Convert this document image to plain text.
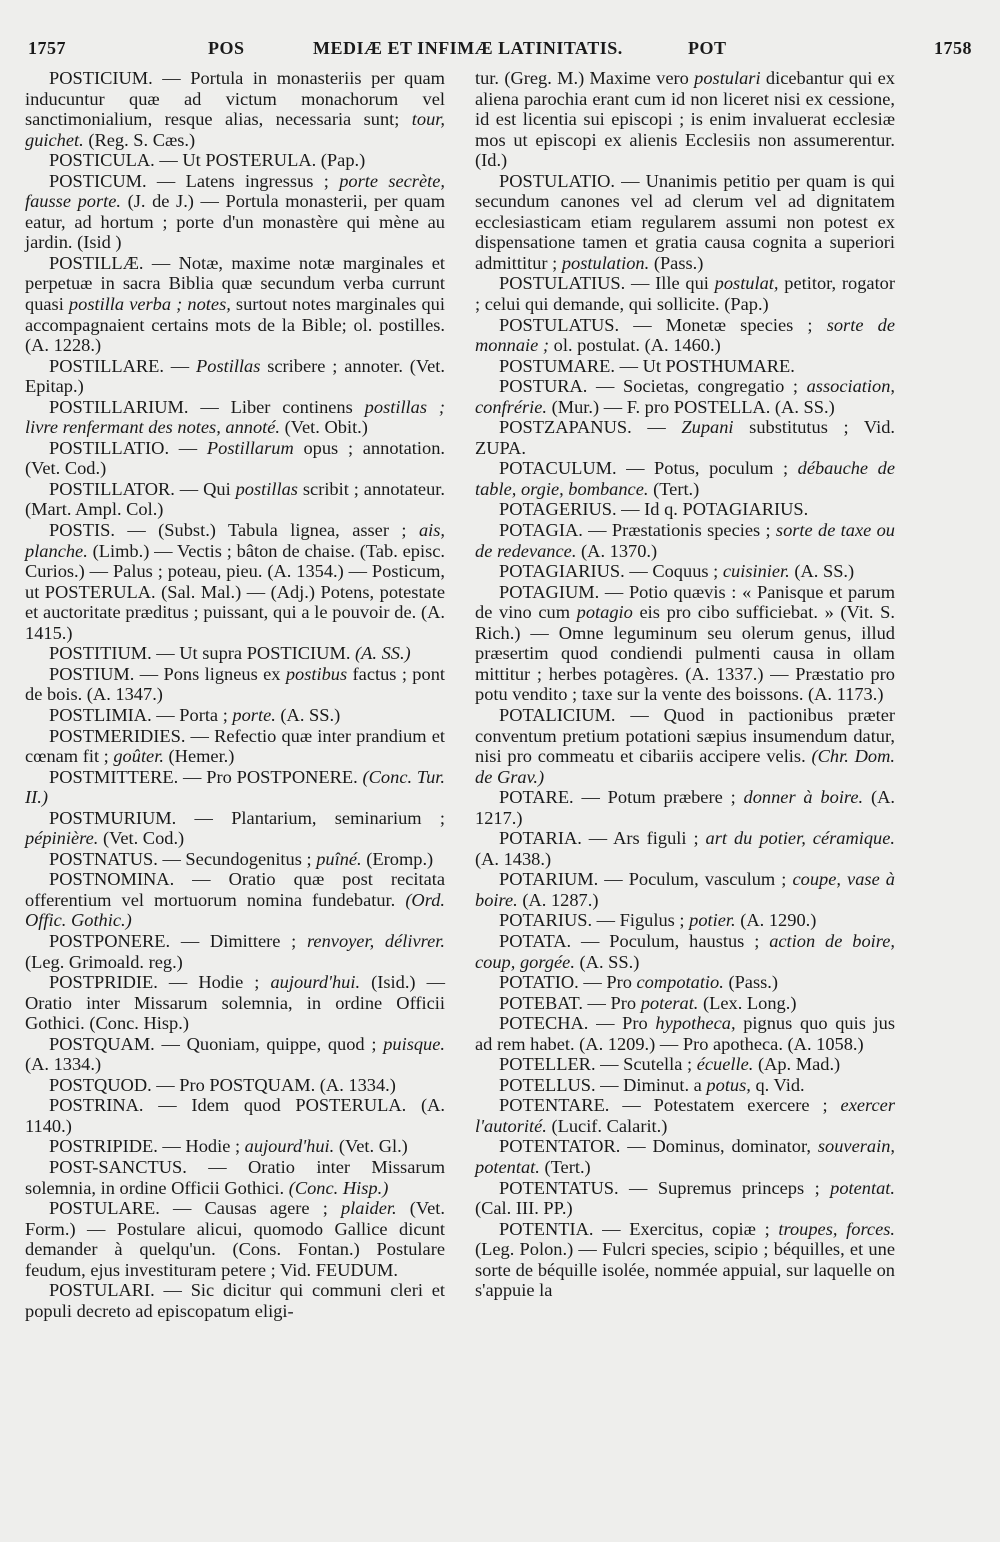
1757	POS	MEDIÆ ET INFIMÆ LATINITATIS.	POT	1758

POSTICIUM. — Portula in monasteriis per quam inducuntur quæ ad victum monachorum vel sanctimonialium, resque alias, necessaria sunt; tour, guichet. (Reg. S. Cæs.)

POSTICULA. — Ut POSTERULA. (Pap.)

POSTICUM. — Latens ingressus ; porte secrète, fausse porte. (J. de J.) — Portula monasterii, per quam eatur, ad hortum ; porte d'un monastère qui mène au jardin. (Isid )

POSTILLÆ. — Notæ, maxime notæ marginales et perpetuæ in sacra Biblia quæ secundum verba currunt quasi postilla verba ; notes, surtout notes marginales qui accompagnaient certains mots de la Bible; ol. postilles. (A. 1228.)

POSTILLARE. — Postillas scribere ; annoter. (Vet. Epitap.)

POSTILLARIUM. — Liber continens postillas ; livre renfermant des notes, annoté. (Vet. Obit.)

POSTILLATIO. — Postillarum opus ; annotation. (Vet. Cod.)

POSTILLATOR. — Qui postillas scribit ; annotateur. (Mart. Ampl. Col.)

POSTIS. — (Subst.) Tabula lignea, asser ; ais, planche. (Limb.) — Vectis ; bâton de chaise. (Tab. episc. Curios.) — Palus ; poteau, pieu. (A. 1354.) — Posticum, ut POSTERULA. (Sal. Mal.) — (Adj.) Potens, potestate et auctoritate præditus ; puissant, qui a le pouvoir de. (A. 1415.)

POSTITIUM. — Ut supra POSTICIUM. (A. SS.)

POSTIUM. — Pons ligneus ex postibus factus ; pont de bois. (A. 1347.)

POSTLIMIA. — Porta ; porte. (A. SS.)

POSTMERIDIES. — Refectio quæ inter prandium et cœnam fit ; goûter. (Hemer.)

POSTMITTERE. — Pro POSTPONERE. (Conc. Tur. II.)

POSTMURIUM. — Plantarium, seminarium ; pépinière. (Vet. Cod.)

POSTNATUS. — Secundogenitus ; puîné. (Eromp.)

POSTNOMINA. — Oratio quæ post recitata offerentium vel mortuorum nomina fundebatur. (Ord. Offic. Gothic.)

POSTPONERE. — Dimittere ; renvoyer, délivrer. (Leg. Grimoald. reg.)

POSTPRIDIE. — Hodie ; aujourd'hui. (Isid.) — Oratio inter Missarum solemnia, in ordine Officii Gothici. (Conc. Hisp.)

POSTQUAM. — Quoniam, quippe, quod ; puisque. (A. 1334.)

POSTQUOD. — Pro POSTQUAM. (A. 1334.)

POSTRINA. — Idem quod POSTERULA. (A. 1140.)

POSTRIPIDE. — Hodie ; aujourd'hui. (Vet. Gl.)

POST-SANCTUS. — Oratio inter Missarum solemnia, in ordine Officii Gothici. (Conc. Hisp.)

POSTULARE. — Causas agere ; plaider. (Vet. Form.) — Postulare alicui, quomodo Gallice dicunt demander à quelqu'un. (Cons. Fontan.) Postulare feudum, ejus investituram petere ; Vid. FEUDUM.

POSTULARI. — Sic dicitur qui communi cleri et populi decreto ad episcopatum eligi-

tur. (Greg. M.) Maxime vero postulari dicebantur qui ex aliena parochia erant cum id non liceret nisi ex cessione, id est licentia sui episcopi ; is enim invaluerat ecclesiæ mos ut episcopi ex alienis Ecclesiis non assumerentur. (Id.)

POSTULATIO. — Unanimis petitio per quam is qui secundum canones vel ad clerum vel ad dignitatem ecclesiasticam etiam regularem assumi non potest ex dispensatione tamen et gratia causa cognita a superiori admittitur ; postulation. (Pass.)

POSTULATIUS. — Ille qui postulat, petitor, rogator ; celui qui demande, qui sollicite. (Pap.)

POSTULATUS. — Monetæ species ; sorte de monnaie ; ol. postulat. (A. 1460.)

POSTUMARE. — Ut POSTHUMARE.

POSTURA. — Societas, congregatio ; association, confrérie. (Mur.) — F. pro POSTELLA. (A. SS.)

POSTZAPANUS. — Zupani substitutus ; Vid. ZUPA.

POTACULUM. — Potus, poculum ; débauche de table, orgie, bombance. (Tert.)

POTAGERIUS. — Id q. POTAGIARIUS.

POTAGIA. — Præstationis species ; sorte de taxe ou de redevance. (A. 1370.)

POTAGIARIUS. — Coquus ; cuisinier. (A. SS.)

POTAGIUM. — Potio quævis : « Panisque et parum de vino cum potagio eis pro cibo sufficiebat. » (Vit. S. Rich.) — Omne leguminum seu olerum genus, illud præsertim quod condiendi pulmenti causa in ollam mittitur ; herbes potagères. (A. 1337.) — Præstatio pro potu vendito ; taxe sur la vente des boissons. (A. 1173.)

POTALICIUM. — Quod in pactionibus præter conventum pretium potationi sæpius insumendum datur, nisi pro commeatu et cibariis accipere velis. (Chr. Dom. de Grav.)

POTARE. — Potum præbere ; donner à boire. (A. 1217.)

POTARIA. — Ars figuli ; art du potier, céramique. (A. 1438.)

POTARIUM. — Poculum, vasculum ; coupe, vase à boire. (A. 1287.)

POTARIUS. — Figulus ; potier. (A. 1290.)

POTATA. — Poculum, haustus ; action de boire, coup, gorgée. (A. SS.)

POTATIO. — Pro compotatio. (Pass.)

POTEBAT. — Pro poterat. (Lex. Long.)

POTECHA. — Pro hypotheca, pignus quo quis jus ad rem habet. (A. 1209.) — Pro apotheca. (A. 1058.)

POTELLER. — Scutella ; écuelle. (Ap. Mad.)

POTELLUS. — Diminut. a potus, q. Vid.

POTENTARE. — Potestatem exercere ; exercer l'autorité. (Lucif. Calarit.)

POTENTATOR. — Dominus, dominator, souverain, potentat. (Tert.)

POTENTATUS. — Supremus princeps ; potentat. (Cal. III. PP.)

POTENTIA. — Exercitus, copiæ ; troupes, forces. (Leg. Polon.) — Fulcri species, scipio ; béquilles, et une sorte de béquille isolée, nommée appuial, sur laquelle on s'appuie la
